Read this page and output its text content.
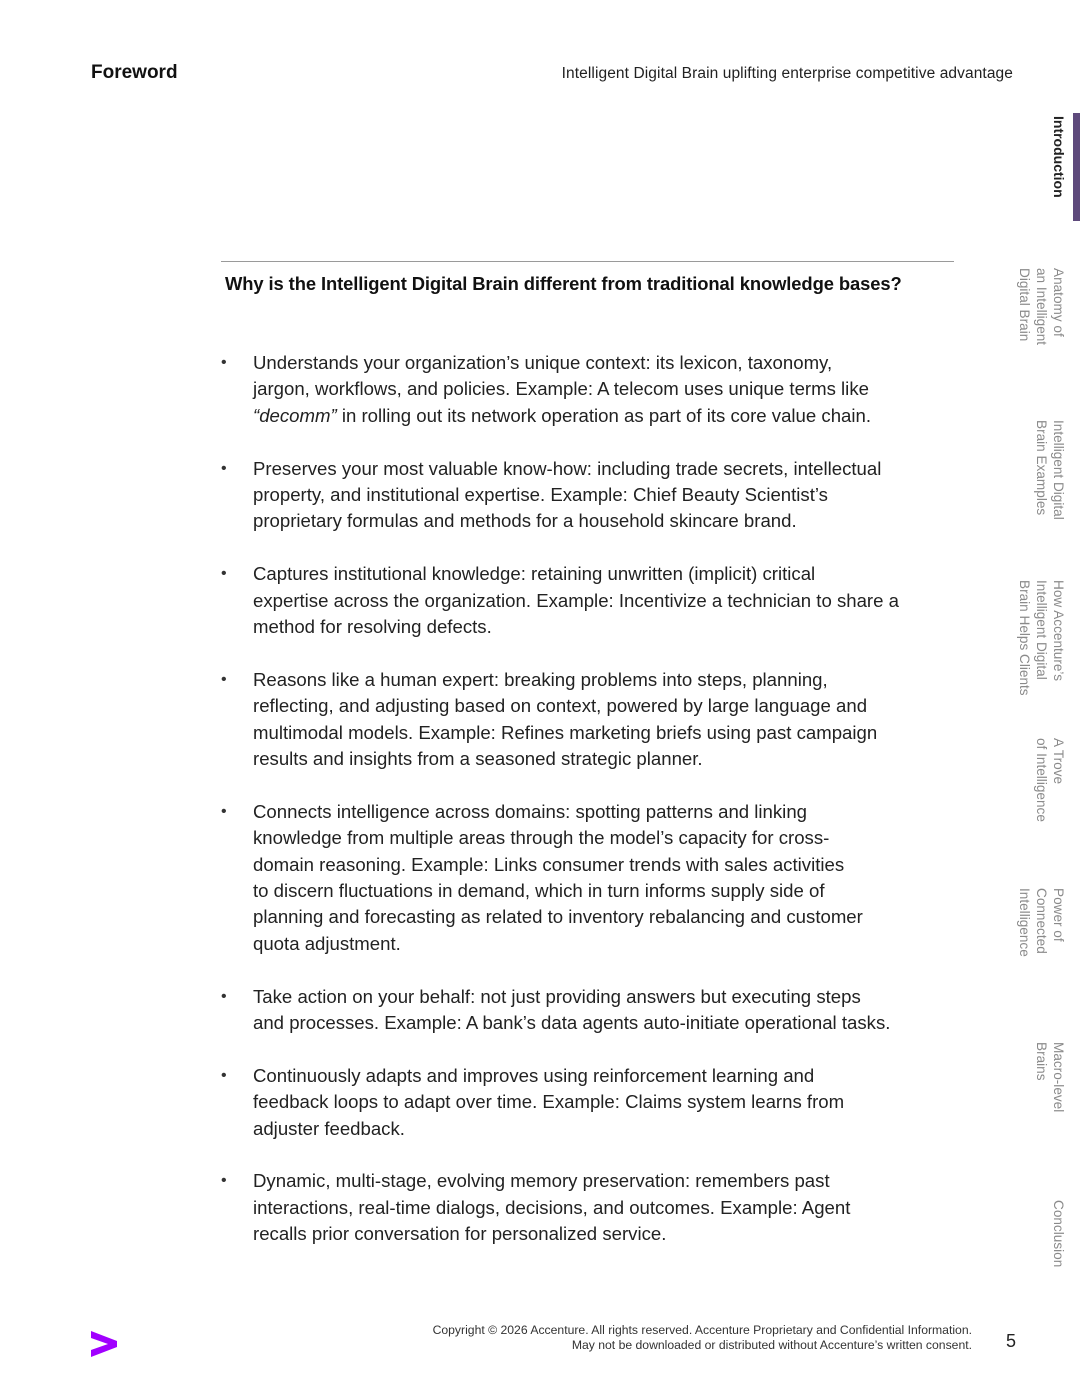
Foreword	Intelligent Digital Brain uplifting enterprise competitive advantage
Why is the Intelligent Digital Brain different from traditional knowledge bases?
• Understands your organization’s unique context: its lexicon, taxonomy,
jargon, workflows, and policies. Example: A telecom uses unique terms like
“decomm” in rolling out its network operation as part of its core value chain.
• Preserves your most valuable know-how: including trade secrets, intellectual
property, and institutional expertise. Example: Chief Beauty Scientist’s
proprietary formulas and methods for a household skincare brand.
• Captures institutional knowledge: retaining unwritten (implicit) critical
expertise across the organization. Example: Incentivize a technician to share a
method for resolving defects.
• Reasons like a human expert: breaking problems into steps, planning,
reflecting, and adjusting based on context, powered by large language and
multimodal models. Example: Refines marketing briefs using past campaign
results and insights from a seasoned strategic planner.
• Connects intelligence across domains: spotting patterns and linking
knowledge from multiple areas through the model’s capacity for cross-
domain reasoning. Example: Links consumer trends with sales activities
to discern fluctuations in demand, which in turn informs supply side of
planning and forecasting as related to inventory rebalancing and customer
quota adjustment.
• Take action on your behalf: not just providing answers but executing steps
and processes. Example: A bank’s data agents auto-initiate operational tasks.
• Continuously adapts and improves using reinforcement learning and
feedback loops to adapt over time. Example: Claims system learns from
adjuster feedback.
• Dynamic, multi-stage, evolving memory preservation: remembers past
interactions, real-time dialogs, decisions, and outcomes. Example: Agent
recalls prior conversation for personalized service.
Introduction
Anatomy of
an Intelligent
Digital Brain
Intelligent Digital
Brain Examples
How Accenture’s
Intelligent Digital
Brain Helps Clients
A Trove
of Intelligence
Power of
Connected
Intelligence
Macro-level
Brains
Conclusion
Copyright © 2026 Accenture. All rights reserved. Accenture Proprietary and Confidential Information.
May not be downloaded or distributed without Accenture’s written consent. 5
